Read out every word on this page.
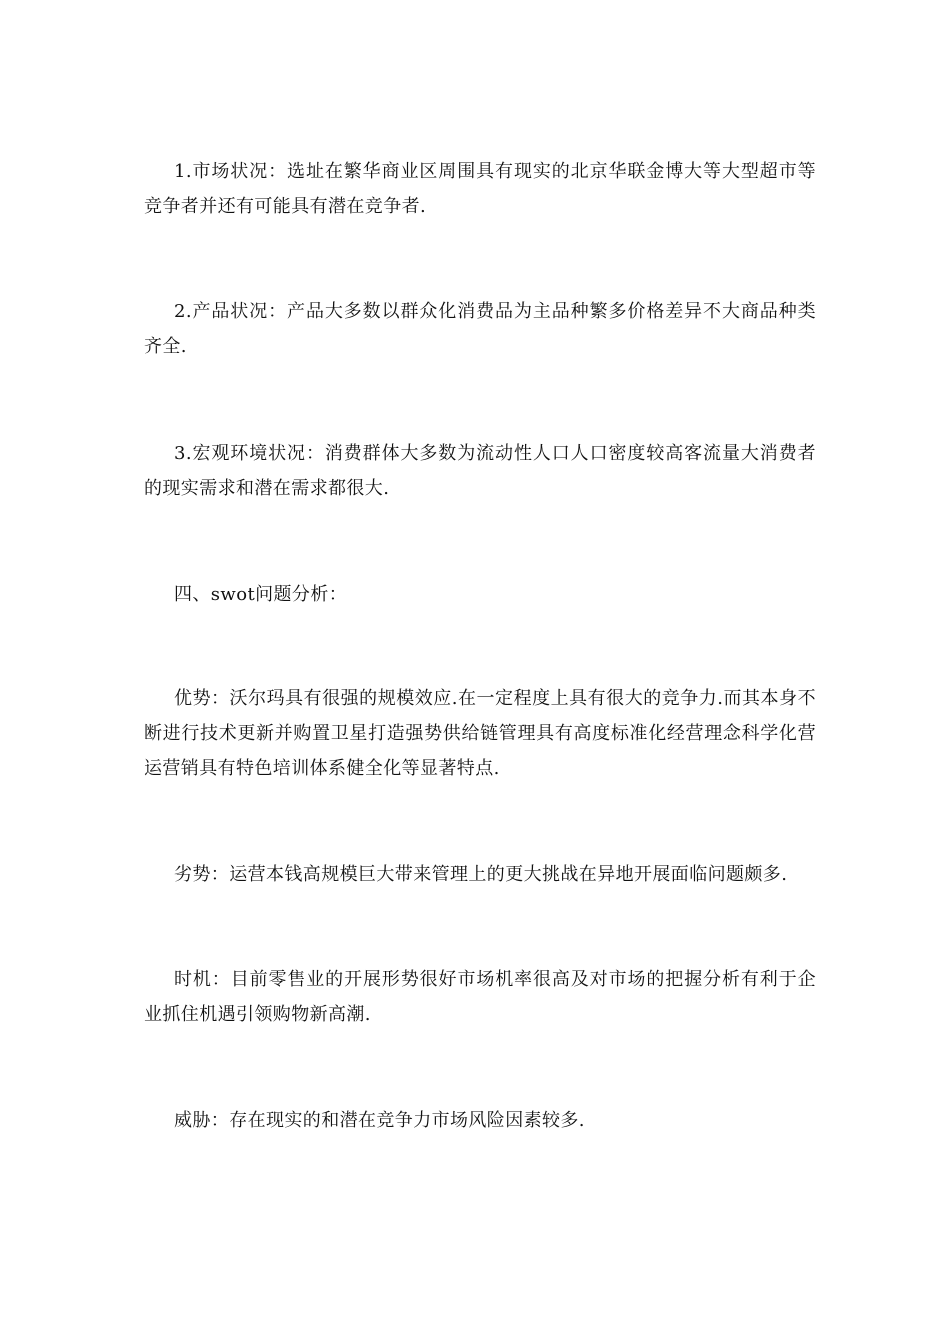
1.市场状况：选址在繁华商业区周围具有现实的北京华联金博大等大型超市等竞争者并还有可能具有潜在竞争者.

2.产品状况：产品大多数以群众化消费品为主品种繁多价格差异不大商品种类齐全.

3.宏观环境状况：消费群体大多数为流动性人口人口密度较高客流量大消费者的现实需求和潜在需求都很大.

四、swot问题分析：

优势：沃尔玛具有很强的规模效应.在一定程度上具有很大的竞争力.而其本身不断进行技术更新并购置卫星打造强势供给链管理具有高度标准化经营理念科学化营运营销具有特色培训体系健全化等显著特点.

劣势：运营本钱高规模巨大带来管理上的更大挑战在异地开展面临问题颇多.

时机：目前零售业的开展形势很好市场机率很高及对市场的把握分析有利于企业抓住机遇引领购物新高潮.

威胁：存在现实的和潜在竞争力市场风险因素较多.
